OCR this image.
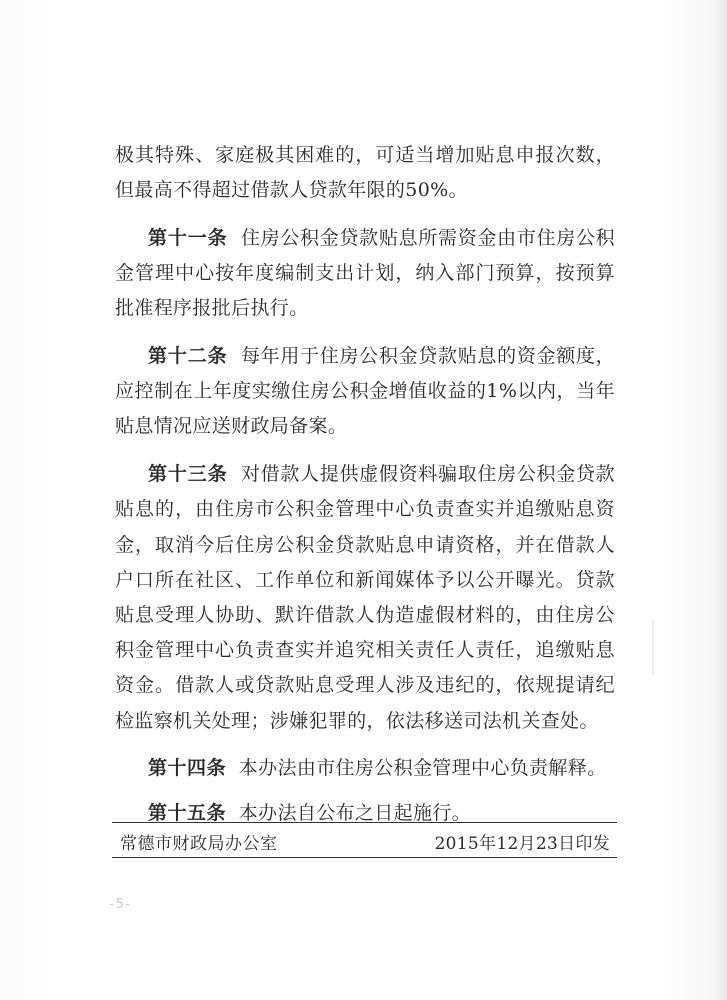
极其特殊、家庭极其困难的，可适当增加贴息申报次数，但最高不得超过借款人贷款年限的50%。

第十一条 住房公积金贷款贴息所需资金由市住房公积金管理中心按年度编制支出计划，纳入部门预算，按预算批准程序报批后执行。

第十二条 每年用于住房公积金贷款贴息的资金额度，应控制在上年度实缴住房公积金增值收益的1%以内，当年贴息情况应送财政局备案。

第十三条 对借款人提供虚假资料骗取住房公积金贷款贴息的，由住房市公积金管理中心负责查实并追缴贴息资金，取消今后住房公积金贷款贴息申请资格，并在借款人户口所在社区、工作单位和新闻媒体予以公开曝光。贷款贴息受理人协助、默许借款人伪造虚假材料的，由住房公积金管理中心负责查实并追究相关责任人责任，追缴贴息资金。借款人或贷款贴息受理人涉及违纪的，依规提请纪检监察机关处理；涉嫌犯罪的，依法移送司法机关查处。

第十四条 本办法由市住房公积金管理中心负责解释。

第十五条 本办法自公布之日起施行。

常德市财政局办公室	2015年12月23日印发
-5-
